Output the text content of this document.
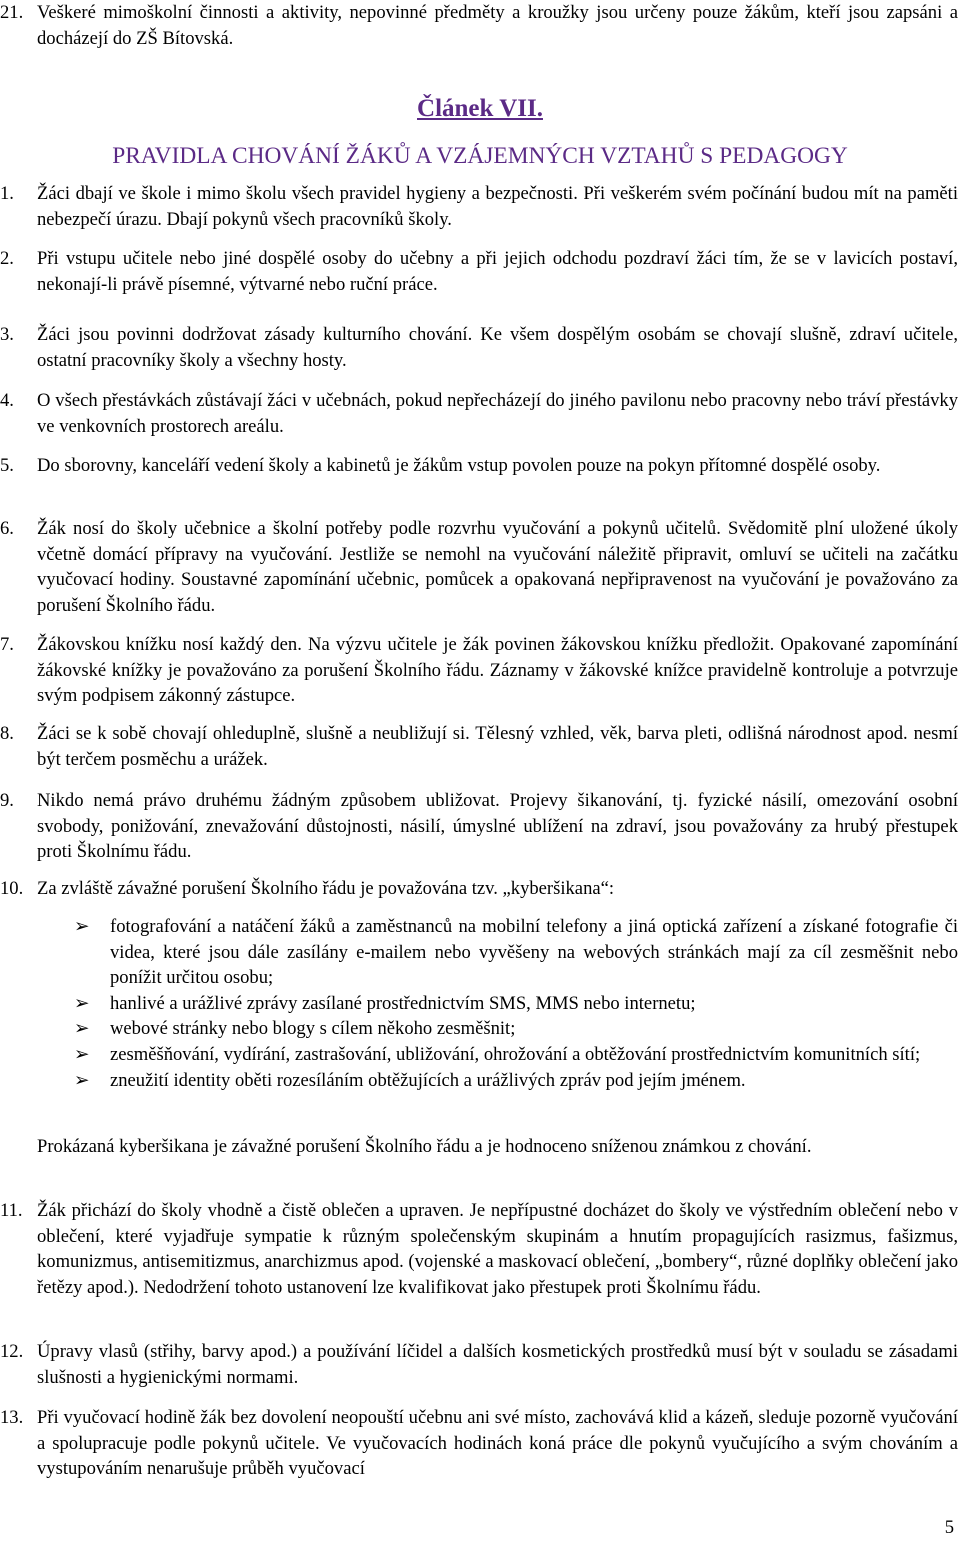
21. Veškeré mimoškolní činnosti a aktivity, nepovinné předměty a kroužky jsou určeny pouze žákům, kteří jsou zapsáni a docházejí do ZŠ Bítovská.
Článek VII.
PRAVIDLA CHOVÁNÍ ŽÁKŮ A VZÁJEMNÝCH VZTAHŮ S PEDAGOGY
1. Žáci dbají ve škole i mimo školu všech pravidel hygieny a bezpečnosti. Při veškerém svém počínání budou mít na paměti nebezpečí úrazu. Dbají pokynů všech pracovníků školy.
2. Při vstupu učitele nebo jiné dospělé osoby do učebny a při jejich odchodu pozdraví žáci tím, že se v lavicích postaví, nekonají-li právě písemné, výtvarné nebo ruční práce.
3. Žáci jsou povinni dodržovat zásady kulturního chování. Ke všem dospělým osobám se chovají slušně, zdraví učitele, ostatní pracovníky školy a všechny hosty.
4. O všech přestávkách zůstávají žáci v učebnách, pokud nepřecházejí do jiného pavilonu nebo pracovny nebo tráví přestávky ve venkovních prostorech areálu.
5. Do sborovny, kanceláří vedení školy a kabinetů je žákům vstup povolen pouze na pokyn přítomné dospělé osoby.
6. Žák nosí do školy učebnice a školní potřeby podle rozvrhu vyučování a pokynů učitelů. Svědomitě plní uložené úkoly včetně domácí přípravy na vyučování. Jestliže se nemohl na vyučování náležitě připravit, omluví se učiteli na začátku vyučovací hodiny. Soustavné zapomínání učebnic, pomůcek a opakovaná nepřipravenost na vyučování je považováno za porušení Školního řádu.
7. Žákovskou knížku nosí každý den. Na výzvu učitele je žák povinen žákovskou knížku předložit. Opakované zapomínání žákovské knížky je považováno za porušení Školního řádu. Záznamy v žákovské knížce pravidelně kontroluje a potvrzuje svým podpisem zákonný zástupce.
8. Žáci se k sobě chovají ohleduplně, slušně a neubližují si. Tělesný vzhled, věk, barva pleti, odlišná národnost apod. nesmí být terčem posměchu a urážek.
9. Nikdo nemá právo druhému žádným způsobem ubližovat. Projevy šikanování, tj. fyzické násilí, omezování osobní svobody, ponižování, znevažování důstojnosti, násilí, úmyslné ublížení na zdraví, jsou považovány za hrubý přestupek proti Školnímu řádu.
10. Za zvláště závažné porušení Školního řádu je považována tzv. „kyberšikana“:
➢ fotografování a natáčení žáků a zaměstnanců na mobilní telefony a jiná optická zařízení a získané fotografie či videa, které jsou dále zasílány e-mailem nebo vyvěšeny na webových stránkách mají za cíl zesměšnit nebo ponížit určitou osobu;
➢ hanlivé a urážlivé zprávy zasílané prostřednictvím SMS, MMS nebo internetu;
➢ webové stránky nebo blogy s cílem někoho zesměšnit;
➢ zesměšňování, vydírání, zastrašování, ubližování, ohrožování a obtěžování prostřednictvím komunitních sítí;
➢ zneužití identity oběti rozesíláním obtěžujících a urážlivých zpráv pod jejím jménem.
Prokázaná kyberšikana je závažné porušení Školního řádu a je hodnoceno sníženou známkou z chování.
11. Žák přichází do školy vhodně a čistě oblečen a upraven. Je nepřípustné docházet do školy ve výstředním oblečení nebo v oblečení, které vyjadřuje sympatie k různým společenským skupinám a hnutím propagujících rasizmus, fašizmus, komunizmus, antisemitizmus, anarchizmus apod. (vojenské a maskovací oblečení, „bombery“, různé doplňky oblečení jako řetězy apod.). Nedodržení tohoto ustanovení lze kvalifikovat jako přestupek proti Školnímu řádu.
12. Úpravy vlasů (střihy, barvy apod.) a používání líčidel a dalších kosmetických prostředků musí být v souladu se zásadami slušnosti a hygienickými normami.
13. Při vyučovací hodině žák bez dovolení neopouští učebnu ani své místo, zachovává klid a kázeň, sleduje pozorně vyučování a spolupracuje podle pokynů učitele. Ve vyučovacích hodinách koná práce dle pokynů vyučujícího a svým chováním a vystupováním nenarušuje průběh vyučovací
5
